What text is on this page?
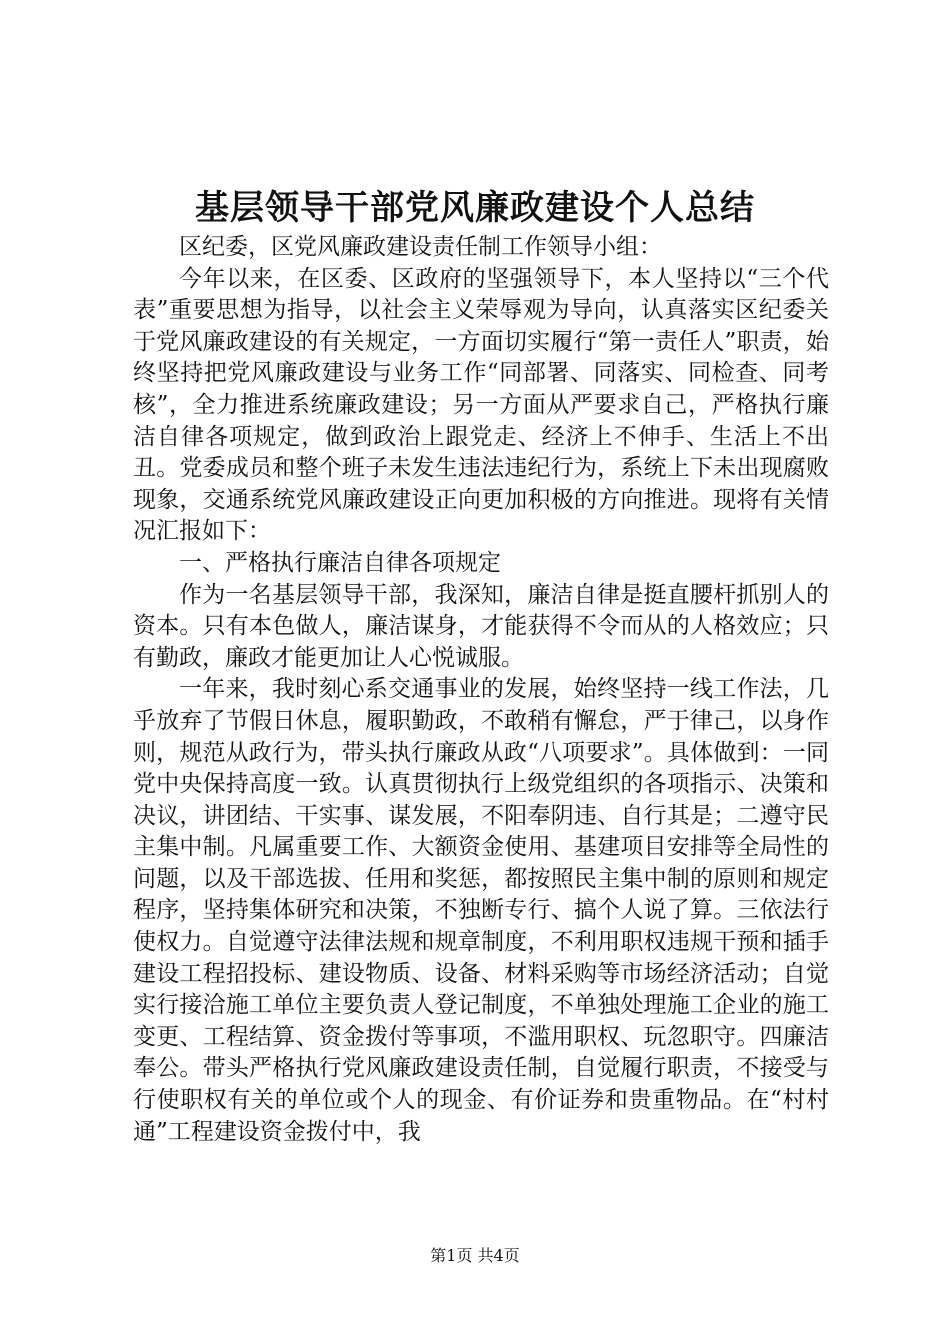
基层领导干部党风廉政建设个人总结

区纪委，区党风廉政建设责任制工作领导小组：

今年以来，在区委、区政府的坚强领导下，本人坚持以“三个代表”重要思想为指导，以社会主义荣辱观为导向，认真落实区纪委关于党风廉政建设的有关规定，一方面切实履行“第一责任人”职责，始终坚持把党风廉政建设与业务工作“同部署、同落实、同检查、同考核”，全力推进系统廉政建设；另一方面从严要求自己，严格执行廉洁自律各项规定，做到政治上跟党走、经济上不伸手、生活上不出丑。党委成员和整个班子未发生违法违纪行为，系统上下未出现腐败现象，交通系统党风廉政建设正向更加积极的方向推进。现将有关情况汇报如下：

一、严格执行廉洁自律各项规定

作为一名基层领导干部，我深知，廉洁自律是挺直腰杆抓别人的资本。只有本色做人，廉洁谋身，才能获得不令而从的人格效应；只有勤政，廉政才能更加让人心悦诚服。

一年来，我时刻心系交通事业的发展，始终坚持一线工作法，几乎放弃了节假日休息，履职勤政，不敢稍有懈怠，严于律己，以身作则，规范从政行为，带头执行廉政从政“八项要求”。具体做到：一同党中央保持高度一致。认真贯彻执行上级党组织的各项指示、决策和决议，讲团结、干实事、谋发展，不阳奉阴违、自行其是；二遵守民主集中制。凡属重要工作、大额资金使用、基建项目安排等全局性的问题，以及干部选拔、任用和奖惩，都按照民主集中制的原则和规定程序，坚持集体研究和决策，不独断专行、搞个人说了算。三依法行使权力。自觉遵守法律法规和规章制度，不利用职权违规干预和插手建设工程招投标、建设物质、设备、材料采购等市场经济活动；自觉实行接洽施工单位主要负责人登记制度，不单独处理施工企业的施工变更、工程结算、资金拨付等事项，不滥用职权、玩忽职守。四廉洁奉公。带头严格执行党风廉政建设责任制，自觉履行职责，不接受与行使职权有关的单位或个人的现金、有价证券和贵重物品。在“村村通”工程建设资金拨付中，我

第1页 共4页
